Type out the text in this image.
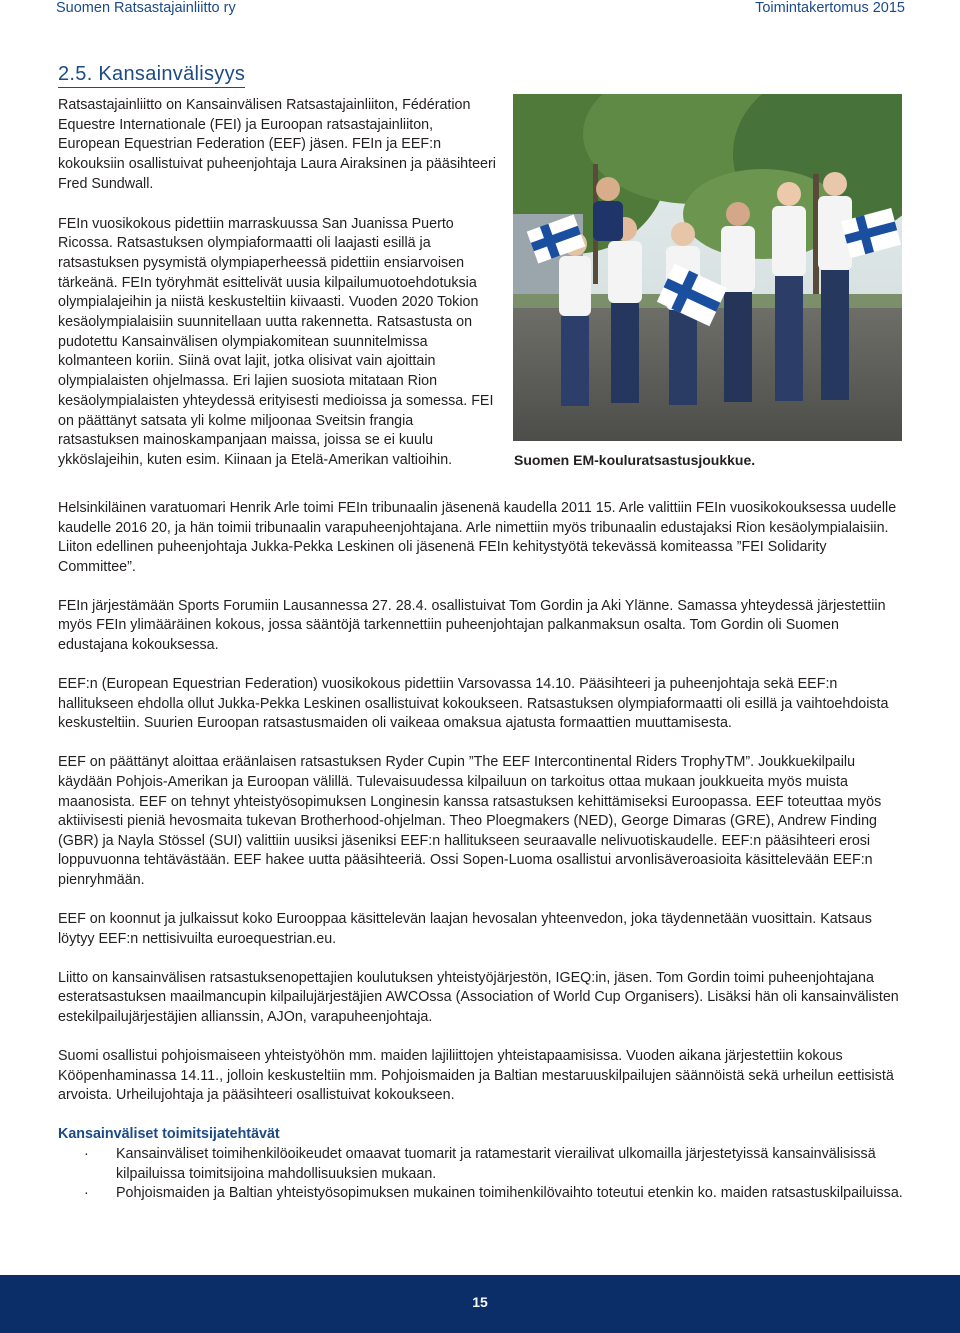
Suomen Ratsastajainliitto ry	Toimintakertomus 2015
2.5. Kansainvälisyys

Ratsastajainliitto on Kansainvälisen Ratsastajainliiton, Fédération Equestre Internationale (FEI) ja Euroopan ratsastajainliiton, European Equestrian Federation (EEF) jäsen. FEIn ja EEF:n kokouksiin osallistuivat puheenjohtaja Laura Airaksinen ja pääsihteeri Fred Sundwall.

FEIn vuosikokous pidettiin marraskuussa San Juanissa Puerto Ricossa. Ratsastuksen olympiaformaatti oli laajasti esillä ja ratsastuksen pysymistä olympiaperheessä pidettiin ensiarvoisen tärkeänä. FEIn työryhmät esittelivät uusia kilpailumuotoehdotuksia olympialajeihin ja niistä keskusteltiin kiivaasti. Vuoden 2020 Tokion kesäolympialaisiin suunnitellaan uutta rakennetta. Ratsastusta on pudotettu Kansainvälisen olympiakomitean suunnitelmissa kolmanteen koriin. Siinä ovat lajit, jotka olisivat vain ajoittain olympialaisten ohjelmassa. Eri lajien suosiota mitataan Rion kesäolympialaisten yhteydessä erityisesti medioissa ja somessa. FEI on päättänyt satsata yli kolme miljoonaa Sveitsin frangia ratsastuksen mainoskampanjaan maissa, joissa se ei kuulu ykköslajeihin, kuten esim. Kiinaan ja Etelä-Amerikan valtioihin.	Suomen EM-kouluratsastusjoukkue.

Helsinkiläinen varatuomari Henrik Arle toimi FEIn tribunaalin jäsenenä kaudella 2011 15. Arle valittiin FEIn vuosikokouksessa uudelle kaudelle 2016 20, ja hän toimii tribunaalin varapuheenjohtajana. Arle nimettiin myös tribunaalin edustajaksi Rion kesäolympialaisiin. Liiton edellinen puheenjohtaja Jukka-Pekka Leskinen oli jäsenenä FEIn kehitystyötä tekevässä komiteassa ”FEI Solidarity Committee”.

FEIn järjestämään Sports Forumiin Lausannessa 27. 28.4. osallistuivat Tom Gordin ja Aki Ylänne. Samassa yhteydessä järjestettiin myös FEIn ylimääräinen kokous, jossa sääntöjä tarkennettiin puheenjohtajan palkanmaksun osalta. Tom Gordin oli Suomen edustajana kokouksessa.

EEF:n (European Equestrian Federation) vuosikokous pidettiin Varsovassa 14.10. Pääsihteeri ja puheenjohtaja sekä EEF:n hallitukseen ehdolla ollut Jukka-Pekka Leskinen osallistuivat kokoukseen. Ratsastuksen olympiaformaatti oli esillä ja vaihtoehdoista keskusteltiin. Suurien Euroopan ratsastusmaiden oli vaikeaa omaksua ajatusta formaattien muuttamisesta.

EEF on päättänyt aloittaa eräänlaisen ratsastuksen Ryder Cupin ”The EEF Intercontinental Riders TrophyTM”. Joukkuekilpailu käydään Pohjois-Amerikan ja Euroopan välillä. Tulevaisuudessa kilpailuun on tarkoitus ottaa mukaan joukkueita myös muista maanosista. EEF on tehnyt yhteistyösopimuksen Longinesin kanssa ratsastuksen kehittämiseksi Euroopassa. EEF toteuttaa myös aktiivisesti pieniä hevosmaita tukevan Brotherhood-ohjelman. Theo Ploegmakers (NED), George Dimaras (GRE), Andrew Finding (GBR) ja Nayla Stössel (SUI) valittiin uusiksi jäseniksi EEF:n hallitukseen seuraavalle nelivuotiskaudelle. EEF:n pääsihteeri erosi loppuvuonna tehtävästään. EEF hakee uutta pääsihteeriä. Ossi Sopen-Luoma osallistui arvonlisäveroasioita käsittelevään EEF:n pienryhmään.

EEF on koonnut ja julkaissut koko Eurooppaa käsittelevän laajan hevosalan yhteenvedon, joka täydennetään vuosittain. Katsaus löytyy EEF:n nettisivuilta euroequestrian.eu.

Liitto on kansainvälisen ratsastuksenopettajien koulutuksen yhteistyöjärjestön, IGEQ:in, jäsen. Tom Gordin toimi puheenjohtajana esteratsastuksen maailmancupin kilpailujärjestäjien AWCOssa (Association of World Cup Organisers). Lisäksi hän oli kansainvälisten estekilpailujärjestäjien allianssin, AJOn, varapuheenjohtaja.

Suomi osallistui pohjoismaiseen yhteistyöhön mm. maiden lajiliittojen yhteistapaamisissa. Vuoden aikana järjestettiin kokous Kööpenhaminassa 14.11., jolloin keskusteltiin mm. Pohjoismaiden ja Baltian mestaruuskilpailujen säännöistä sekä urheilun eettisistä arvoista. Urheilujohtaja ja pääsihteeri osallistuivat kokoukseen.

Kansainväliset toimitsijatehtävät
· Kansainväliset toimihenkilöoikeudet omaavat tuomarit ja ratamestarit vierailivat ulkomailla järjestetyissä kansainvälisissä kilpailuissa toimitsijoina mahdollisuuksien mukaan.
· Pohjoismaiden ja Baltian yhteistyösopimuksen mukainen toimihenkilövaihto toteutui etenkin ko. maiden ratsastuskilpailuissa.
15
